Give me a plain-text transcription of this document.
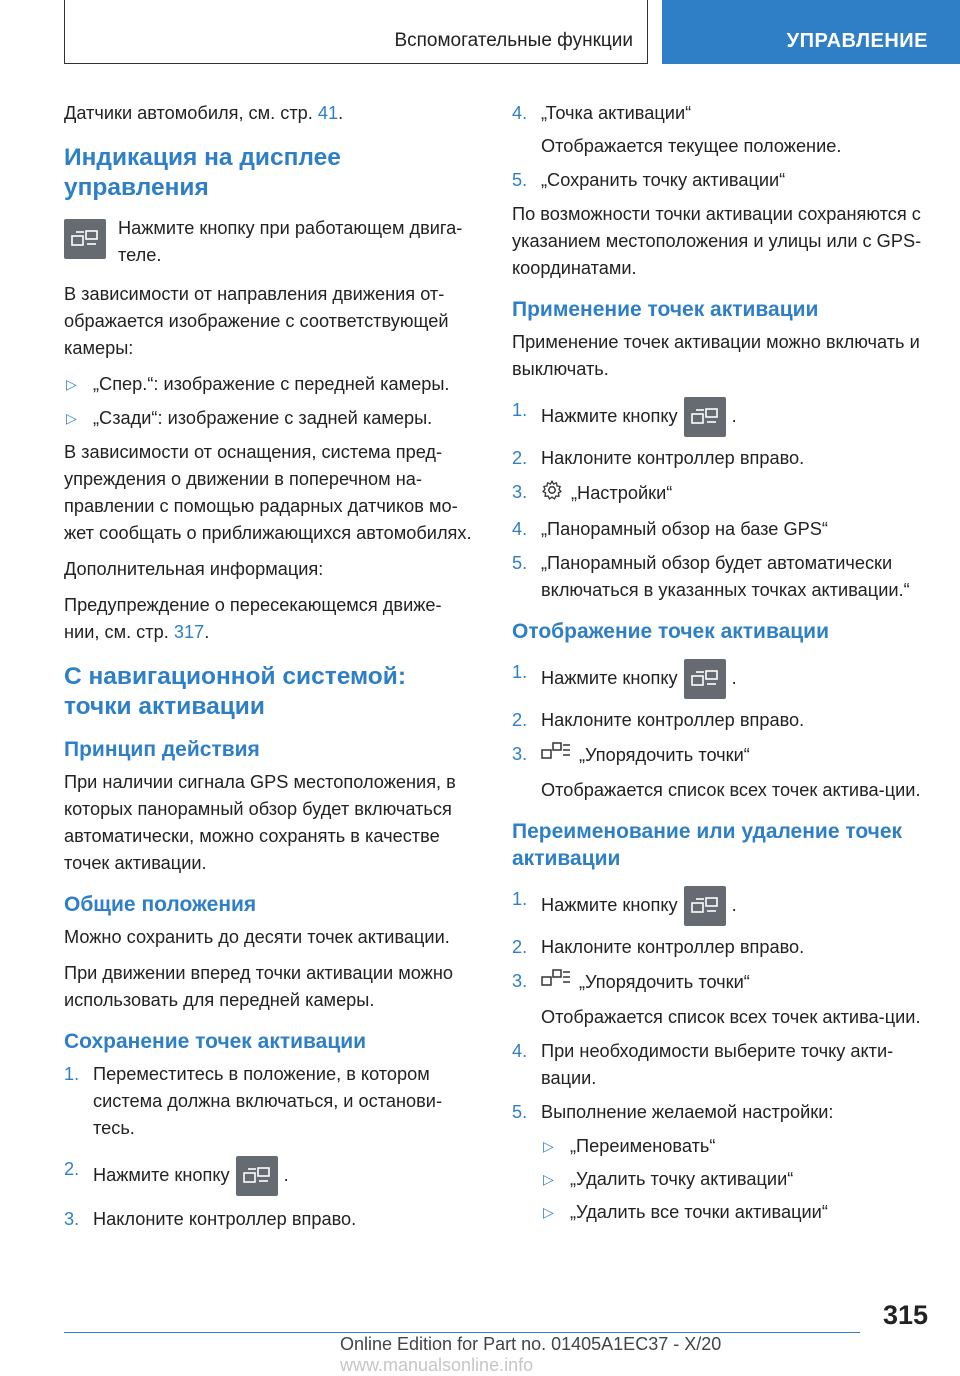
Вспомогательные функции	УПРАВЛЕНИЕ

Датчики автомобиля, см. стр. 41.

Индикация на дисплее управления
Нажмите кнопку при работающем двига-теле.

В зависимости от направления движения от-ображается изображение с соответствующей камеры:

▷ „Спер.“: изображение с передней камеры.
▷ „Сзади“: изображение с задней камеры.

В зависимости от оснащения, система пред-упреждения о движении в поперечном на-правлении с помощью радарных датчиков мо-жет сообщать о приближающихся автомобилях.

Дополнительная информация:

Предупреждение о пересекающемся движе-нии, см. стр. 317.

С навигационной системой: точки активации
Принцип действия

При наличии сигнала GPS местоположения, в которых панорамный обзор будет включаться автоматически, можно сохранять в качестве точек активации.

Общие положения

Можно сохранить до десяти точек активации.

При движении вперед точки активации можно использовать для передней камеры.

Сохранение точек активации
1. Переместитесь в положение, в котором система должна включаться, и останови-тесь.
2. Нажмите кнопку	.
3. Наклоните контроллер вправо.
4. „Точка активации“
Отображается текущее положение.
5. „Сохранить точку активации“

По возможности точки активации сохраняются с указанием местоположения и улицы или с GPS-координатами.

Применение точек активации

Применение точек активации можно включать и выключать.

1. Нажмите кнопку	.
2. Наклоните контроллер вправо.
3. „Настройки“
4. „Панорамный обзор на базе GPS“
5. „Панорамный обзор будет автоматически включаться в указанных точках активации.“
Отображение точек активации
1. Нажмите кнопку	.
2. Наклоните контроллер вправо.
3.	„Упорядочить точки“
Отображается список всех точек актива-ции.
Переименование или удаление точек активации
1. Нажмите кнопку	.
2. Наклоните контроллер вправо.
3.	„Упорядочить точки“
Отображается список всех точек актива-ции.
4. При необходимости выберите точку акти-вации.
5. Выполнение желаемой настройки:
▷ „Переименовать“
▷ „Удалить точку активации“
▷ „Удалить все точки активации“
315
Online Edition for Part no. 01405A1EC37 - X/20 www.manualsonline.info
